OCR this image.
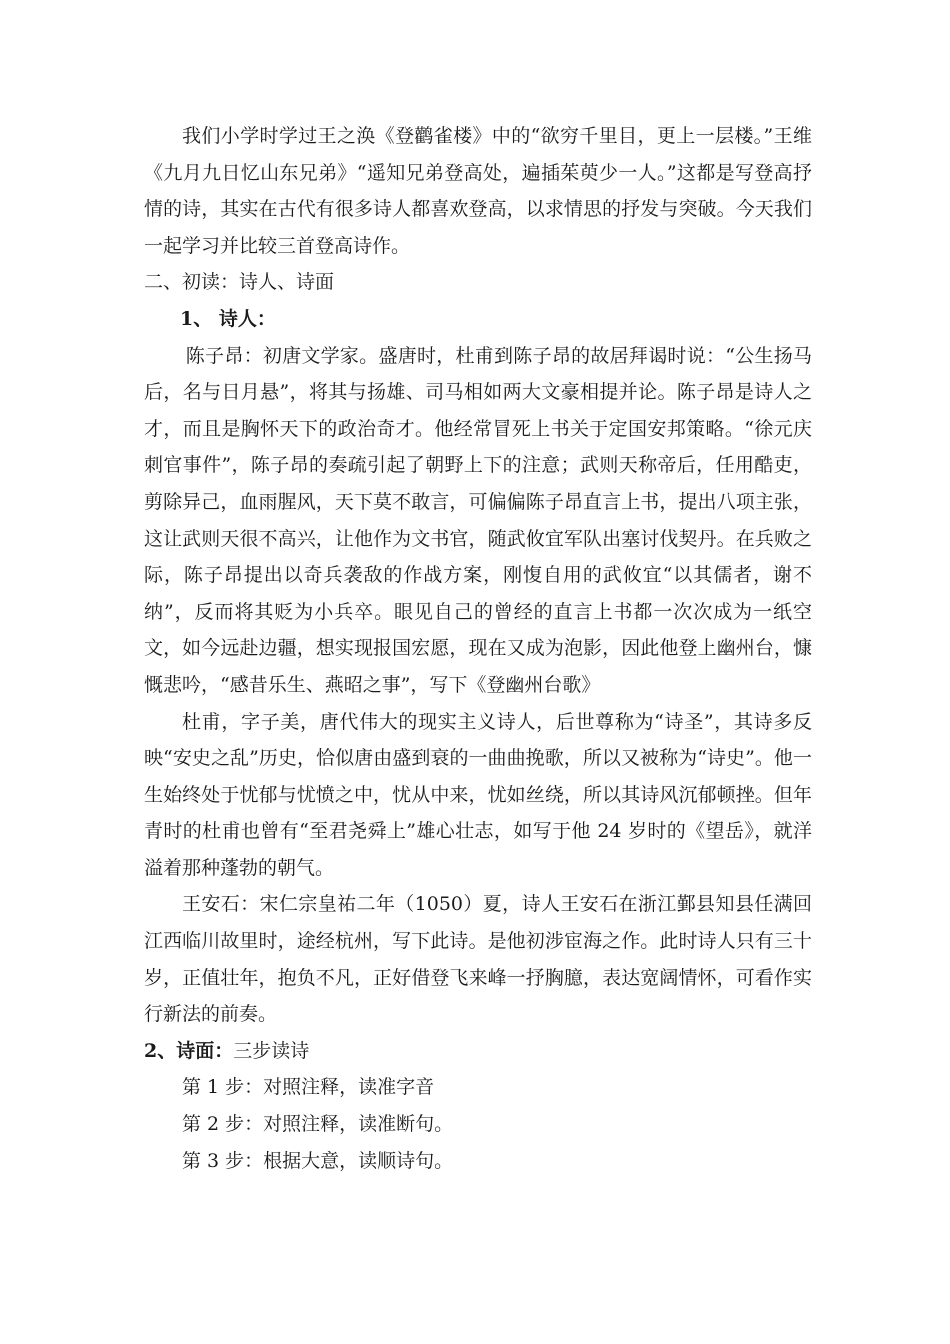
我们小学时学过王之涣《登鹳雀楼》中的“欲穷千里目，更上一层楼。”王维《九月九日忆山东兄弟》“遥知兄弟登高处，遍插茱萸少一人。”这都是写登高抒情的诗，其实在古代有很多诗人都喜欢登高，以求情思的抒发与突破。今天我们一起学习并比较三首登高诗作。

二、初读：诗人、诗面

1、 诗人：

陈子昂：初唐文学家。盛唐时，杜甫到陈子昂的故居拜谒时说：“公生扬马后，名与日月悬”，将其与扬雄、司马相如两大文豪相提并论。陈子昂是诗人之才，而且是胸怀天下的政治奇才。他经常冒死上书关于定国安邦策略。“徐元庆刺官事件”，陈子昂的奏疏引起了朝野上下的注意；武则天称帝后，任用酷吏，剪除异己，血雨腥风，天下莫不敢言，可偏偏陈子昂直言上书，提出八项主张，这让武则天很不高兴，让他作为文书官，随武攸宜军队出塞讨伐契丹。在兵败之际，陈子昂提出以奇兵袭敌的作战方案，刚愎自用的武攸宜“以其儒者，谢不纳”，反而将其贬为小兵卒。眼见自己的曾经的直言上书都一次次成为一纸空文，如今远赴边疆，想实现报国宏愿，现在又成为泡影，因此他登上幽州台，慷慨悲吟，“感昔乐生、燕昭之事”，写下《登幽州台歌》

杜甫，字子美，唐代伟大的现实主义诗人，后世尊称为“诗圣”，其诗多反映“安史之乱”历史，恰似唐由盛到衰的一曲曲挽歌，所以又被称为“诗史”。他一生始终处于忧郁与忧愤之中，忧从中来，忧如丝绕，所以其诗风沉郁顿挫。但年青时的杜甫也曾有“至君尧舜上”雄心壮志，如写于他 24 岁时的《望岳》，就洋溢着那种蓬勃的朝气。

王安石：宋仁宗皇祐二年（1050）夏，诗人王安石在浙江鄞县知县任满回江西临川故里时，途经杭州，写下此诗。是他初涉宦海之作。此时诗人只有三十岁，正值壮年，抱负不凡，正好借登飞来峰一抒胸臆，表达宽阔情怀，可看作实行新法的前奏。

2、诗面：三步读诗

第 1 步：对照注释，读准字音

第 2 步：对照注释，读准断句。

第 3 步：根据大意，读顺诗句。
